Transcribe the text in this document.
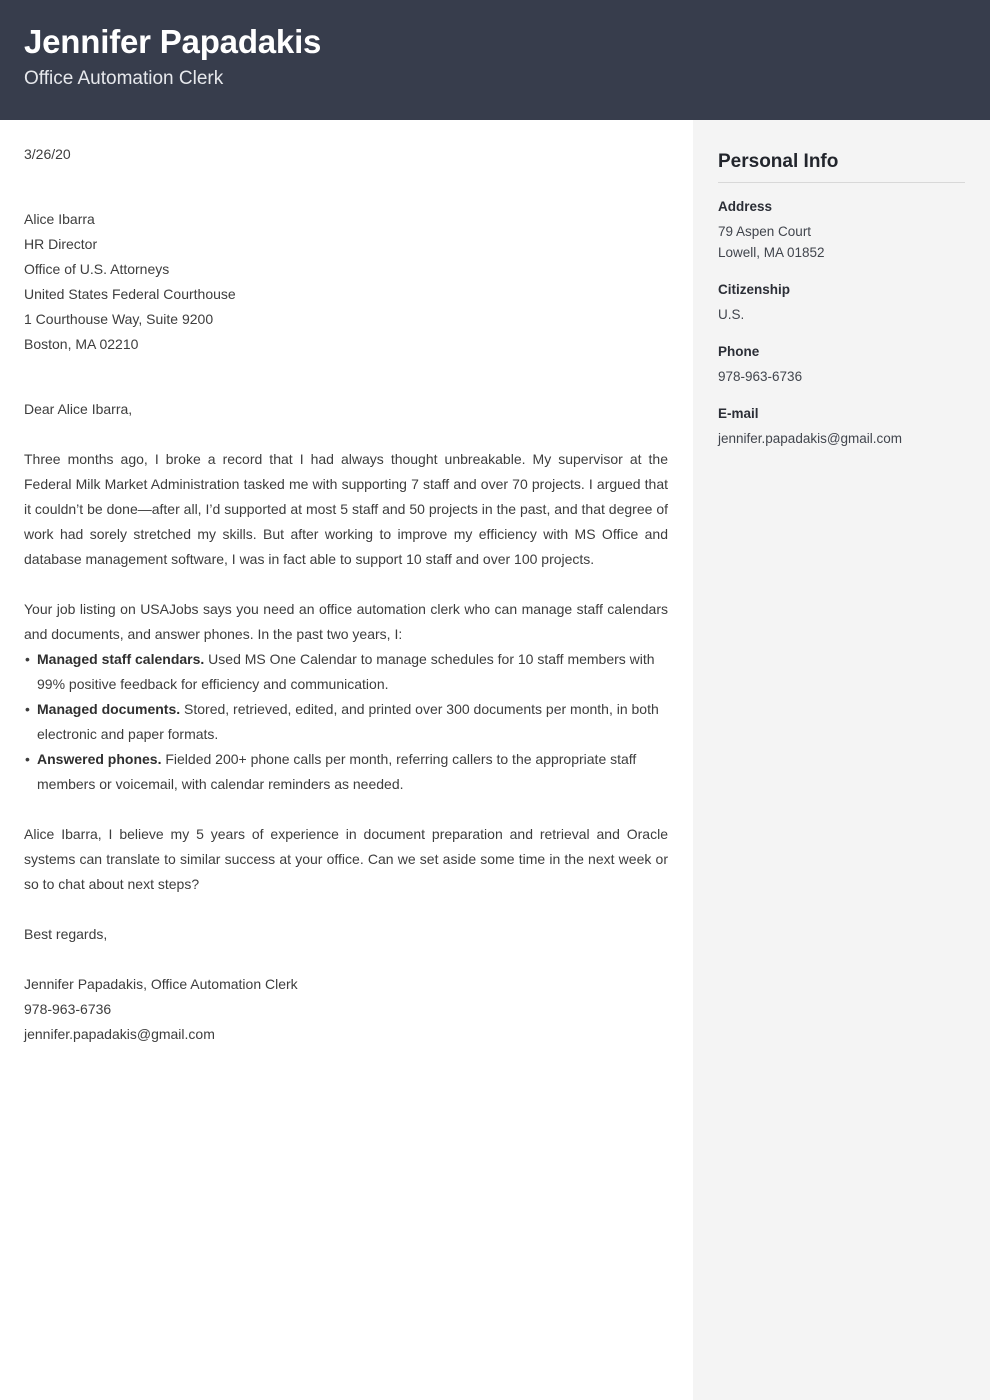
Jennifer Papadakis

Office Automation Clerk

3/26/20
Alice Ibarra
HR Director
Office of U.S. Attorneys
United States Federal Courthouse
1 Courthouse Way, Suite 9200
Boston, MA 02210
Dear Alice Ibarra,

Three months ago, I broke a record that I had always thought unbreakable. My supervisor at the Federal Milk Market Administration tasked me with supporting 7 staff and over 70 projects. I argued that it couldn’t be done—after all, I’d supported at most 5 staff and 50 projects in the past, and that degree of work had sorely stretched my skills. But after working to improve my efficiency with MS Office and database management software, I was in fact able to support 10 staff and over 100 projects.

Your job listing on USAJobs says you need an office automation clerk who can manage staff calendars and documents, and answer phones. In the past two years, I:

• Managed staff calendars. Used MS One Calendar to manage schedules for 10 staff members with 99% positive feedback for efficiency and communication.
• Managed documents. Stored, retrieved, edited, and printed over 300 documents per month, in both electronic and paper formats.
• Answered phones. Fielded 200+ phone calls per month, referring callers to the appropriate staff members or voicemail, with calendar reminders as needed.

Alice Ibarra, I believe my 5 years of experience in document preparation and retrieval and Oracle systems can translate to similar success at your office. Can we set aside some time in the next week or so to chat about next steps?

Best regards,
Jennifer Papadakis, Office Automation Clerk
978-963-6736
jennifer.papadakis@gmail.com
Personal Info
Address
79 Aspen Court
Lowell, MA 01852
Citizenship
U.S.
Phone
978-963-6736
E-mail
jennifer.papadakis@gmail.com
